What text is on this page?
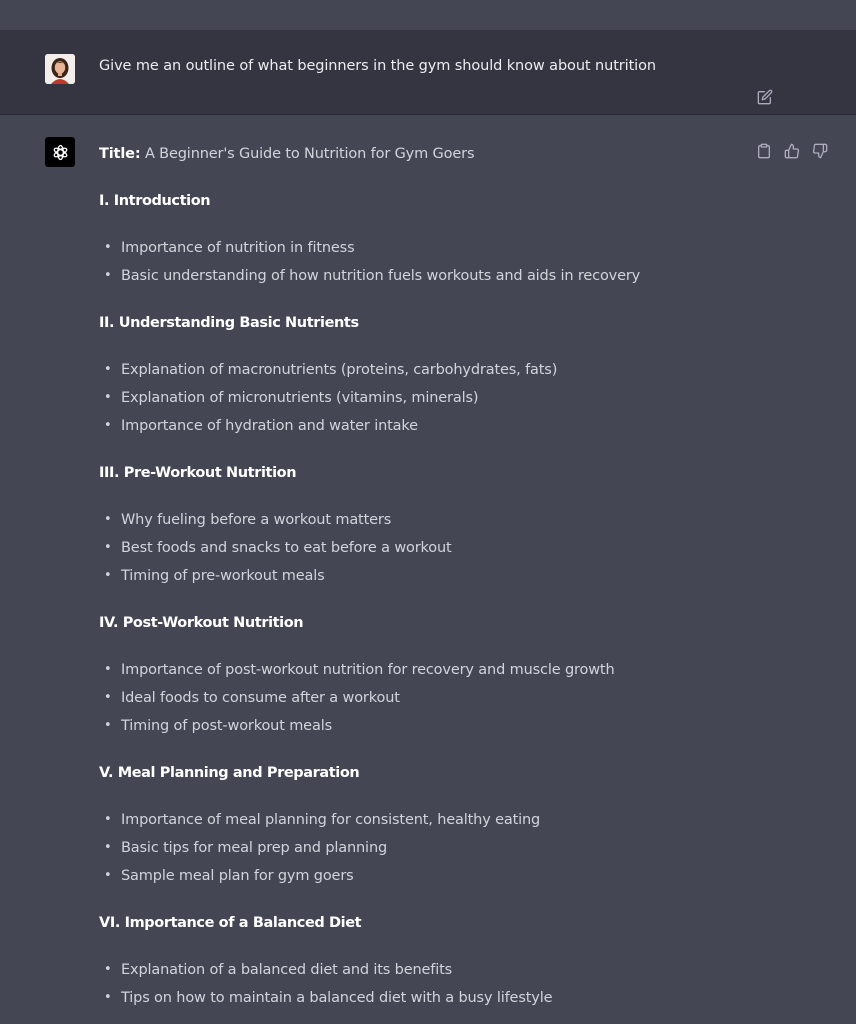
Give me an outline of what beginners in the gym should know about nutrition
Title: A Beginner's Guide to Nutrition for Gym Goers
I. Introduction
• Importance of nutrition in fitness
• Basic understanding of how nutrition fuels workouts and aids in recovery
II. Understanding Basic Nutrients
• Explanation of macronutrients (proteins, carbohydrates, fats)
• Explanation of micronutrients (vitamins, minerals)
• Importance of hydration and water intake
III. Pre-Workout Nutrition
• Why fueling before a workout matters
• Best foods and snacks to eat before a workout
• Timing of pre-workout meals
IV. Post-Workout Nutrition
• Importance of post-workout nutrition for recovery and muscle growth
• Ideal foods to consume after a workout
• Timing of post-workout meals
V. Meal Planning and Preparation
• Importance of meal planning for consistent, healthy eating
• Basic tips for meal prep and planning
• Sample meal plan for gym goers
VI. Importance of a Balanced Diet
• Explanation of a balanced diet and its benefits
• Tips on how to maintain a balanced diet with a busy lifestyle
